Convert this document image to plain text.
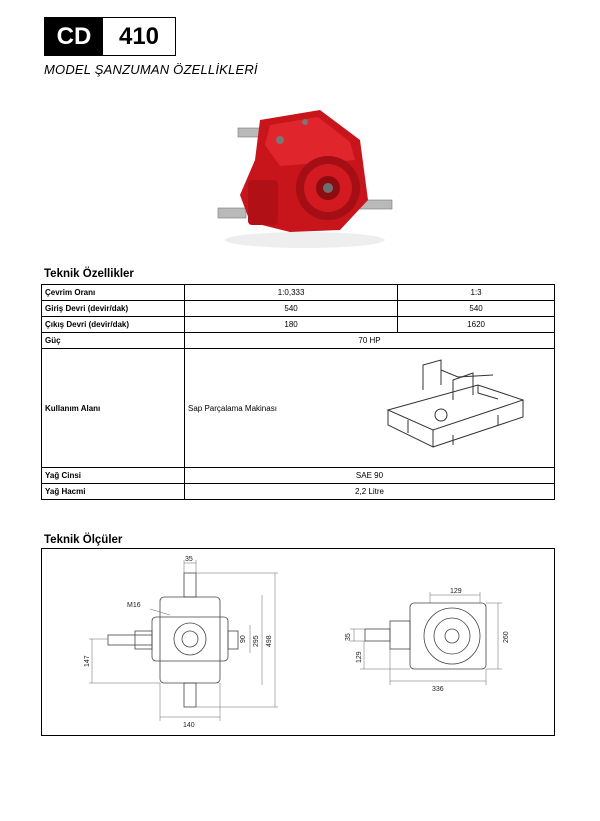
CD	410
MODEL ŞANZUMAN ÖZELLİKLERİ
Teknik Özellikler
Çevrim Oranı	1:0,333	1:3
Giriş Devri (devir/dak)	540	540
Çıkış Devri (devir/dak)	180	1620
Güç	70 HP	
Kullanım Alanı	Sap Parçalama Makinası	

Yağ Cinsi	SAE 90	
Yağ Hacmi	2,2 Litre	
Teknik Ölçüler
35
M16
90 295 498
147
140
129
260
35
129
336
